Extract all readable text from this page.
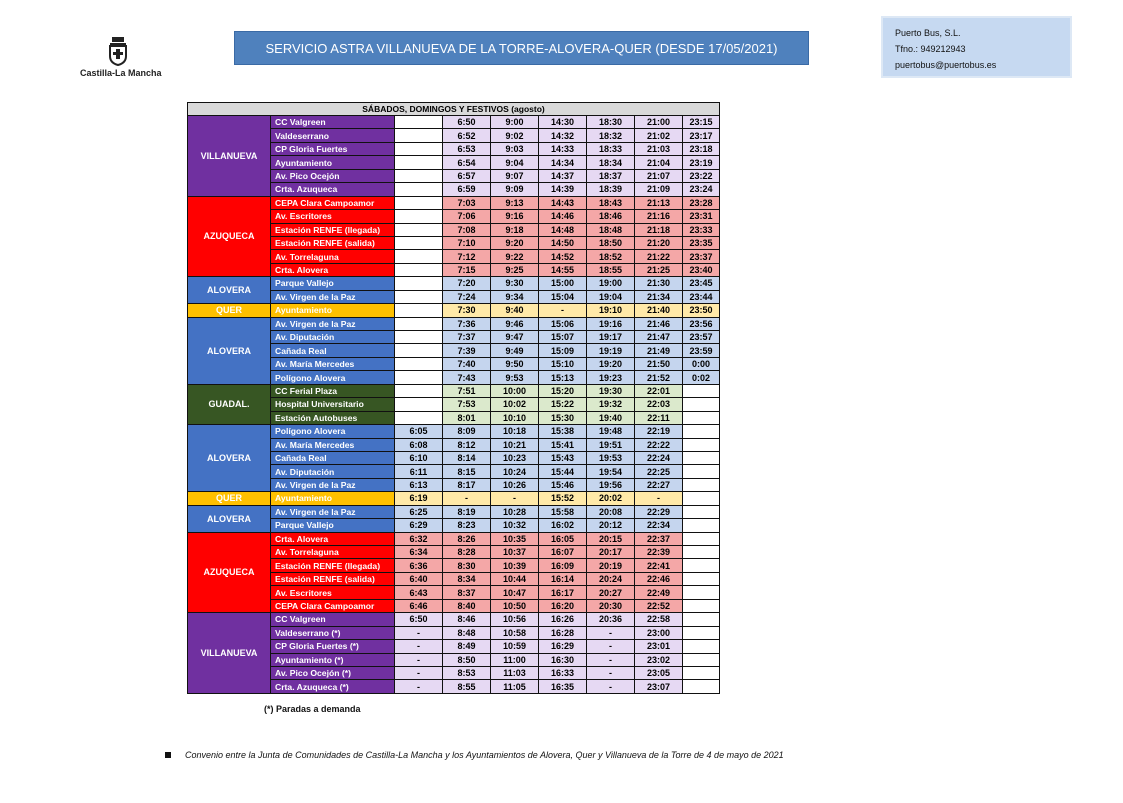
Castilla-La Mancha
SERVICIO ASTRA VILLANUEVA DE LA TORRE-ALOVERA-QUER (DESDE 17/05/2021)
Puerto Bus, S.L.
Tfno.: 949212943
puertobus@puertobus.es
SÁBADOS, DOMINGOS Y FESTIVOS (agosto)								
VILLANUEVA	CC Valgreen		6:50	9:00	14:30	18:30	21:00	23:15
	Valdeserrano		6:52	9:02	14:32	18:32	21:02	23:17
	CP Gloria Fuertes		6:53	9:03	14:33	18:33	21:03	23:18
	Ayuntamiento		6:54	9:04	14:34	18:34	21:04	23:19
	Av. Pico Ocejón		6:57	9:07	14:37	18:37	21:07	23:22
	Crta. Azuqueca		6:59	9:09	14:39	18:39	21:09	23:24
AZUQUECA	CEPA Clara Campoamor		7:03	9:13	14:43	18:43	21:13	23:28
	Av. Escritores		7:06	9:16	14:46	18:46	21:16	23:31
	Estación RENFE (llegada)		7:08	9:18	14:48	18:48	21:18	23:33
	Estación RENFE (salida)		7:10	9:20	14:50	18:50	21:20	23:35
	Av. Torrelaguna		7:12	9:22	14:52	18:52	21:22	23:37
	Crta. Alovera		7:15	9:25	14:55	18:55	21:25	23:40
ALOVERA	Parque Vallejo		7:20	9:30	15:00	19:00	21:30	23:45
	Av. Virgen de la Paz		7:24	9:34	15:04	19:04	21:34	23:44
QUER	Ayuntamiento		7:30	9:40	-	19:10	21:40	23:50
ALOVERA	Av. Virgen de la Paz		7:36	9:46	15:06	19:16	21:46	23:56
	Av. Diputación		7:37	9:47	15:07	19:17	21:47	23:57
	Cañada Real		7:39	9:49	15:09	19:19	21:49	23:59
	Av. María Mercedes		7:40	9:50	15:10	19:20	21:50	0:00
	Polígono Alovera		7:43	9:53	15:13	19:23	21:52	0:02
GUADAL.	CC Ferial Plaza		7:51	10:00	15:20	19:30	22:01	
	Hospital Universitario		7:53	10:02	15:22	19:32	22:03	
	Estación Autobuses		8:01	10:10	15:30	19:40	22:11	
ALOVERA	Polígono Alovera	6:05	8:09	10:18	15:38	19:48	22:19	
	Av. María Mercedes	6:08	8:12	10:21	15:41	19:51	22:22	
	Cañada Real	6:10	8:14	10:23	15:43	19:53	22:24	
	Av. Diputación	6:11	8:15	10:24	15:44	19:54	22:25	
	Av. Virgen de la Paz	6:13	8:17	10:26	15:46	19:56	22:27	
QUER	Ayuntamiento	6:19	-	-	15:52	20:02	-	
ALOVERA	Av. Virgen de la Paz	6:25	8:19	10:28	15:58	20:08	22:29	
	Parque Vallejo	6:29	8:23	10:32	16:02	20:12	22:34	
AZUQUECA	Crta. Alovera	6:32	8:26	10:35	16:05	20:15	22:37	
	Av. Torrelaguna	6:34	8:28	10:37	16:07	20:17	22:39	
	Estación RENFE (llegada)	6:36	8:30	10:39	16:09	20:19	22:41	
	Estación RENFE (salida)	6:40	8:34	10:44	16:14	20:24	22:46	
	Av. Escritores	6:43	8:37	10:47	16:17	20:27	22:49	
	CEPA Clara Campoamor	6:46	8:40	10:50	16:20	20:30	22:52	
VILLANUEVA	CC Valgreen	6:50	8:46	10:56	16:26	20:36	22:58	
	Valdeserrano (*)	-	8:48	10:58	16:28	-	23:00	
	CP Gloria Fuertes (*)	-	8:49	10:59	16:29	-	23:01	
	Ayuntamiento (*)	-	8:50	11:00	16:30	-	23:02	
	Av. Pico Ocejón (*)	-	8:53	11:03	16:33	-	23:05	
	Crta. Azuqueca (*)	-	8:55	11:05	16:35	-	23:07	
(*) Paradas a demanda
Convenio entre la Junta de Comunidades de Castilla-La Mancha y los Ayuntamientos de Alovera, Quer y Villanueva de la Torre de 4 de mayo de 2021
